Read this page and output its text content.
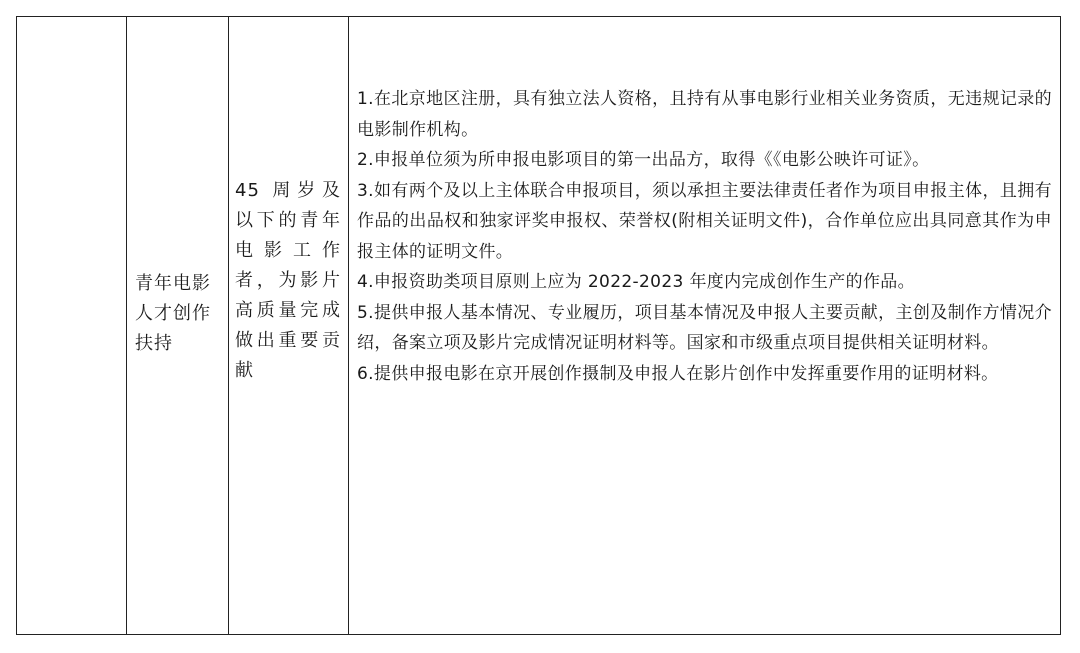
青年电影人才创作扶持
45 周岁及以下的青年电影工作者，为影片高质量完成做出重要贡献
1.在北京地区注册，具有独立法人资格，且持有从事电影行业相关业务资质，无违规记录的电影制作机构。
2.申报单位须为所申报电影项目的第一出品方，取得《《电影公映许可证》。
3.如有两个及以上主体联合申报项目，须以承担主要法律责任者作为项目申报主体，且拥有作品的出品权和独家评奖申报权、荣誉权(附相关证明文件)，合作单位应出具同意其作为申报主体的证明文件。
4.申报资助类项目原则上应为 2022-2023 年度内完成创作生产的作品。
5.提供申报人基本情况、专业履历，项目基本情况及申报人主要贡献，主创及制作方情况介绍，备案立项及影片完成情况证明材料等。国家和市级重点项目提供相关证明材料。
6.提供申报电影在京开展创作摄制及申报人在影片创作中发挥重要作用的证明材料。
